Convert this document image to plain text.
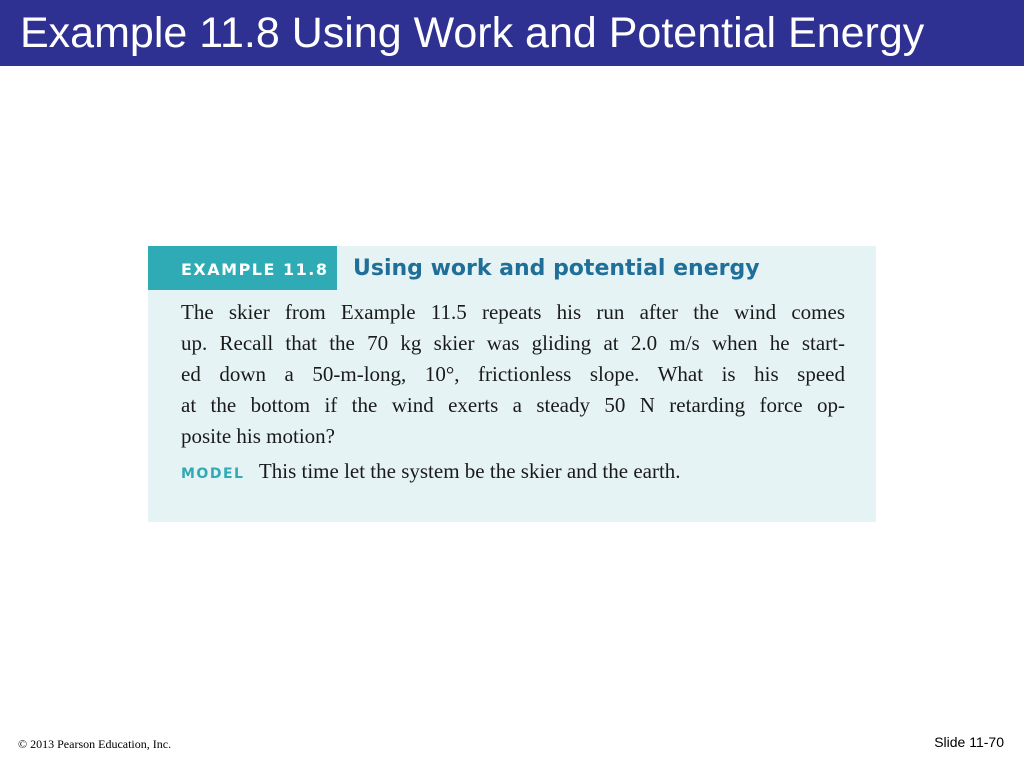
Example 11.8 Using Work and Potential Energy
EXAMPLE 11.8 Using work and potential energy

The skier from Example 11.5 repeats his run after the wind comes
up. Recall that the 70 kg skier was gliding at 2.0 m/s when he start-
ed down a 50-m-long, 10°, frictionless slope. What is his speed
at the bottom if the wind exerts a steady 50 N retarding force op-
posite his motion?

MODEL This time let the system be the skier and the earth.
© 2013 Pearson Education, Inc.	Slide 11-70
